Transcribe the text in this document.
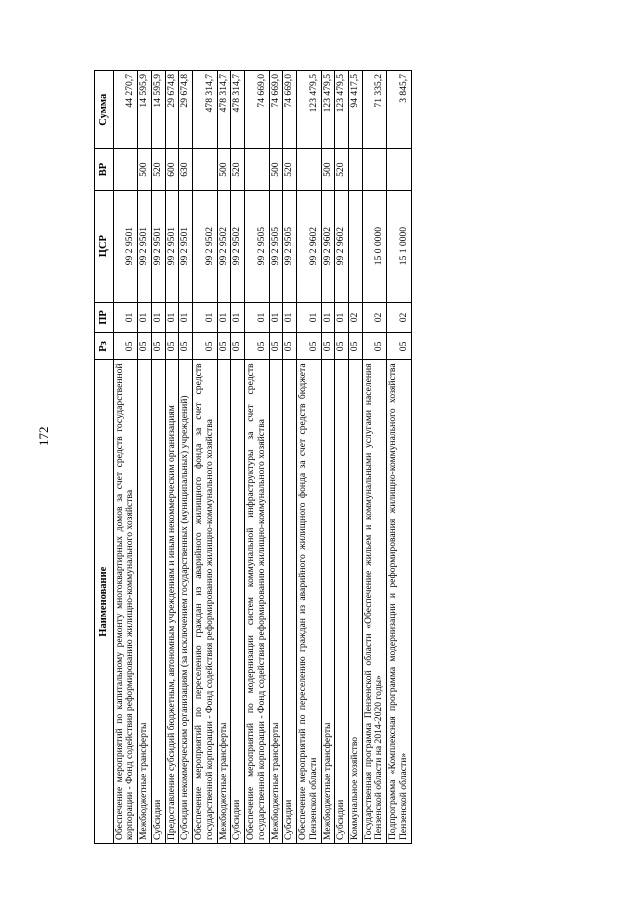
172
Наименование	Рз	ПР	ЦСР	ВР	Сумма
Обеспечение мероприятий по капитальному ремонту многоквартирных домов за счет средств государственной корпорации - Фонд содействия реформированию жилищно-коммунального хозяйства	05	01	99 2 9501		44 270,7
Межбюджетные трансферты	05	01	99 2 9501	500	14 595,9
Субсидии	05	01	99 2 9501	520	14 595,9
Предоставление субсидий бюджетным, автономным учреждениям и иным некоммерческим организациям	05	01	99 2 9501	600	29 674,8
Субсидии некоммерческим организациям (за исключением государственных (муниципальных) учреждений)	05	01	99 2 9501	630	29 674,8
Обеспечение мероприятий по переселению граждан из аварийного жилищного фонда за счет средств государственной корпорации - Фонд содействия реформированию жилищно-коммунального хозяйства	05	01	99 2 9502		478 314,7
Межбюджетные трансферты	05	01	99 2 9502	500	478 314,7
Субсидии	05	01	99 2 9502	520	478 314,7
Обеспечение мероприятий по модернизации систем коммунальной инфраструктуры за счет средств государственной корпорации - Фонд содействия реформированию жилищно-коммунального хозяйства	05	01	99 2 9505		74 669,0
Межбюджетные трансферты	05	01	99 2 9505	500	74 669,0
Субсидии	05	01	99 2 9505	520	74 669,0
Обеспечение мероприятий по переселению граждан из аварийного жилищного фонда за счет средств бюджета Пензенской области	05	01	99 2 9602		123 479,5
Межбюджетные трансферты	05	01	99 2 9602	500	123 479,5
Субсидии	05	01	99 2 9602	520	123 479,5
Коммунальное хозяйство	05	02			94 417,5
Государственная программа Пензенской области «Обеспечение жильем и коммунальными услугами населения Пензенской области на 2014-2020 годы»	05	02	15 0 0000		71 335,2
Подпрограмма «Комплексная программа модернизации и реформирования жилищно-коммунального хозяйства Пензенской области»	05	02	15 1 0000		3 845,7
